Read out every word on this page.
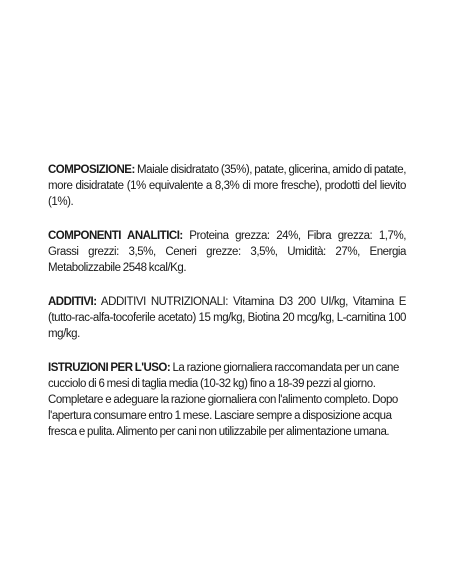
COMPOSIZIONE: Maiale disidratato (35%), patate, glicerina, amido di patate, more disidratate (1% equivalente a 8,3% di more fresche), prodotti del lievito (1%).

COMPONENTI ANALITICI: Proteina grezza: 24%, Fibra grezza: 1,7%, Grassi grezzi: 3,5%, Ceneri grezze: 3,5%, Umidità: 27%, Energia Metabolizzabile 2548 kcal/Kg.

ADDITIVI: ADDITIVI NUTRIZIONALI: Vitamina D3 200 UI/kg, Vitamina E (tutto-rac-alfa-tocoferile acetato) 15 mg/kg, Biotina 20 mcg/kg, L-carnitina 100 mg/kg.

ISTRUZIONI PER L'USO: La razione giornaliera raccomandata per un cane cucciolo di 6 mesi di taglia media (10-32 kg) fino a 18-39 pezzi al giorno. Completare e adeguare la razione giornaliera con l'alimento completo. Dopo l'apertura consumare entro 1 mese. Lasciare sempre a disposizione acqua fresca e pulita. Alimento per cani non utilizzabile per alimentazione umana.
